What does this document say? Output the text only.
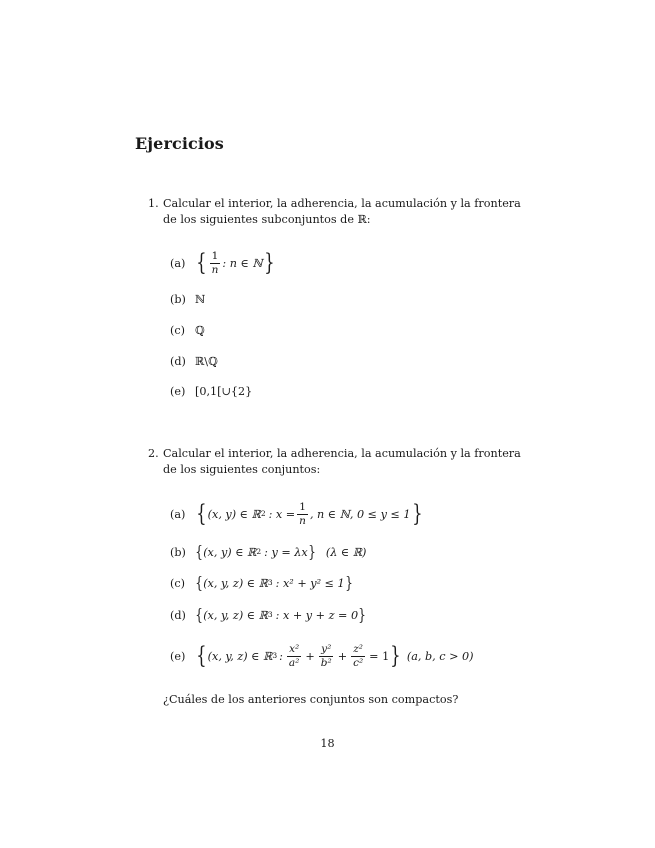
Ejercicios
1. Calcular el interior, la adherencia, la acumulación y la frontera de los siguientes subconjuntos de ℝ:
(a) { $\frac{1}{n}$ : n ∈ ℕ }
(b) ℕ
(c) ℚ
(d) ℝ\ℚ
(e) [0,1[∪{2}
2. Calcular el interior, la adherencia, la acumulación y la frontera de los siguientes conjuntos:
(a) { (x, y) ∈ ℝ 2 : $x = \frac{1}{n}$ , n ∈ ℕ, 0 ≤ y ≤ 1 }
(b) { (x, y) ∈ ℝ 2 : y = λx } (λ ∈ ℝ)
(c) { (x, y, z) ∈ ℝ 3 : x² + y² ≤ 1 }
(d) { (x, y, z) ∈ ℝ 3 : x + y + z = 0 }
(e) { (x, y, z) ∈ ℝ 3 : $\frac{\text{x²}}{\text{a²}} + \frac{\text{y²}}{\text{b²}} + \frac{\text{z²}}{\text{c²}} = 1$ } (a, b, c > 0)
¿Cuáles de los anteriores conjuntos son compactos?
18
